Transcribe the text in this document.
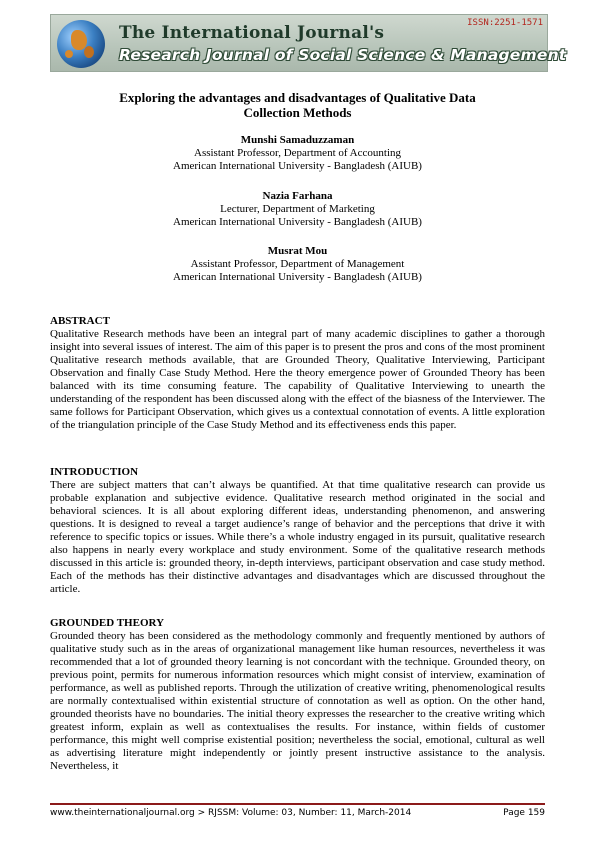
The International Journal's
Research Journal of Social Science & Management
ISSN:2251-1571
Exploring the advantages and disadvantages of Qualitative Data
Collection Methods
Munshi Samaduzzaman
Assistant Professor, Department of Accounting
American International University - Bangladesh (AIUB)
Nazia Farhana
Lecturer, Department of Marketing
American International University - Bangladesh (AIUB)
Musrat Mou
Assistant Professor, Department of Management
American International University - Bangladesh (AIUB)
ABSTRACT
Qualitative Research methods have been an integral part of many academic disciplines to gather a thorough insight into several issues of interest. The aim of this paper is to present the pros and cons of the most prominent Qualitative research methods available, that are Grounded Theory, Qualitative Interviewing, Participant Observation and finally Case Study Method. Here the theory emergence power of Grounded Theory has been balanced with its time consuming feature. The capability of Qualitative Interviewing to unearth the understanding of the respondent has been discussed along with the effect of the biasness of the Interviewer. The same follows for Participant Observation, which gives us a contextual connotation of events. A little exploration of the triangulation principle of the Case Study Method and its effectiveness ends this paper.
INTRODUCTION
There are subject matters that can’t always be quantified. At that time qualitative research can provide us probable explanation and subjective evidence. Qualitative research method originated in the social and behavioral sciences. It is all about exploring different ideas, understanding phenomenon, and answering questions. It is designed to reveal a target audience’s range of behavior and the perceptions that drive it with reference to specific topics or issues. While there’s a whole industry engaged in its pursuit, qualitative research also happens in nearly every workplace and study environment. Some of the qualitative research methods discussed in this article is: grounded theory, in-depth interviews, participant observation and case study method. Each of the methods has their distinctive advantages and disadvantages which are discussed throughout the article.
GROUNDED THEORY
Grounded theory has been considered as the methodology commonly and frequently mentioned by authors of qualitative study such as in the areas of organizational management like human resources, nevertheless it was recommended that a lot of grounded theory learning is not concordant with the technique. Grounded theory, on previous point, permits for numerous information resources which might consist of interview, examination of performance, as well as published reports. Through the utilization of creative writing, phenomenological results are normally contextualised within existential structure of connotation as well as option. On the other hand, grounded theorists have no boundaries. The initial theory expresses the researcher to the creative writing which greatest inform, explain as well as contextualises the results. For instance, within fields of customer performance, this might well comprise existential position; nevertheless the social, emotional, cultural as well as advertising literature might independently or jointly present instructive assistance to the analysis. Nevertheless, it
www.theinternationaljournal.org > RJSSM: Volume: 03, Number: 11, March-2014	Page 159
